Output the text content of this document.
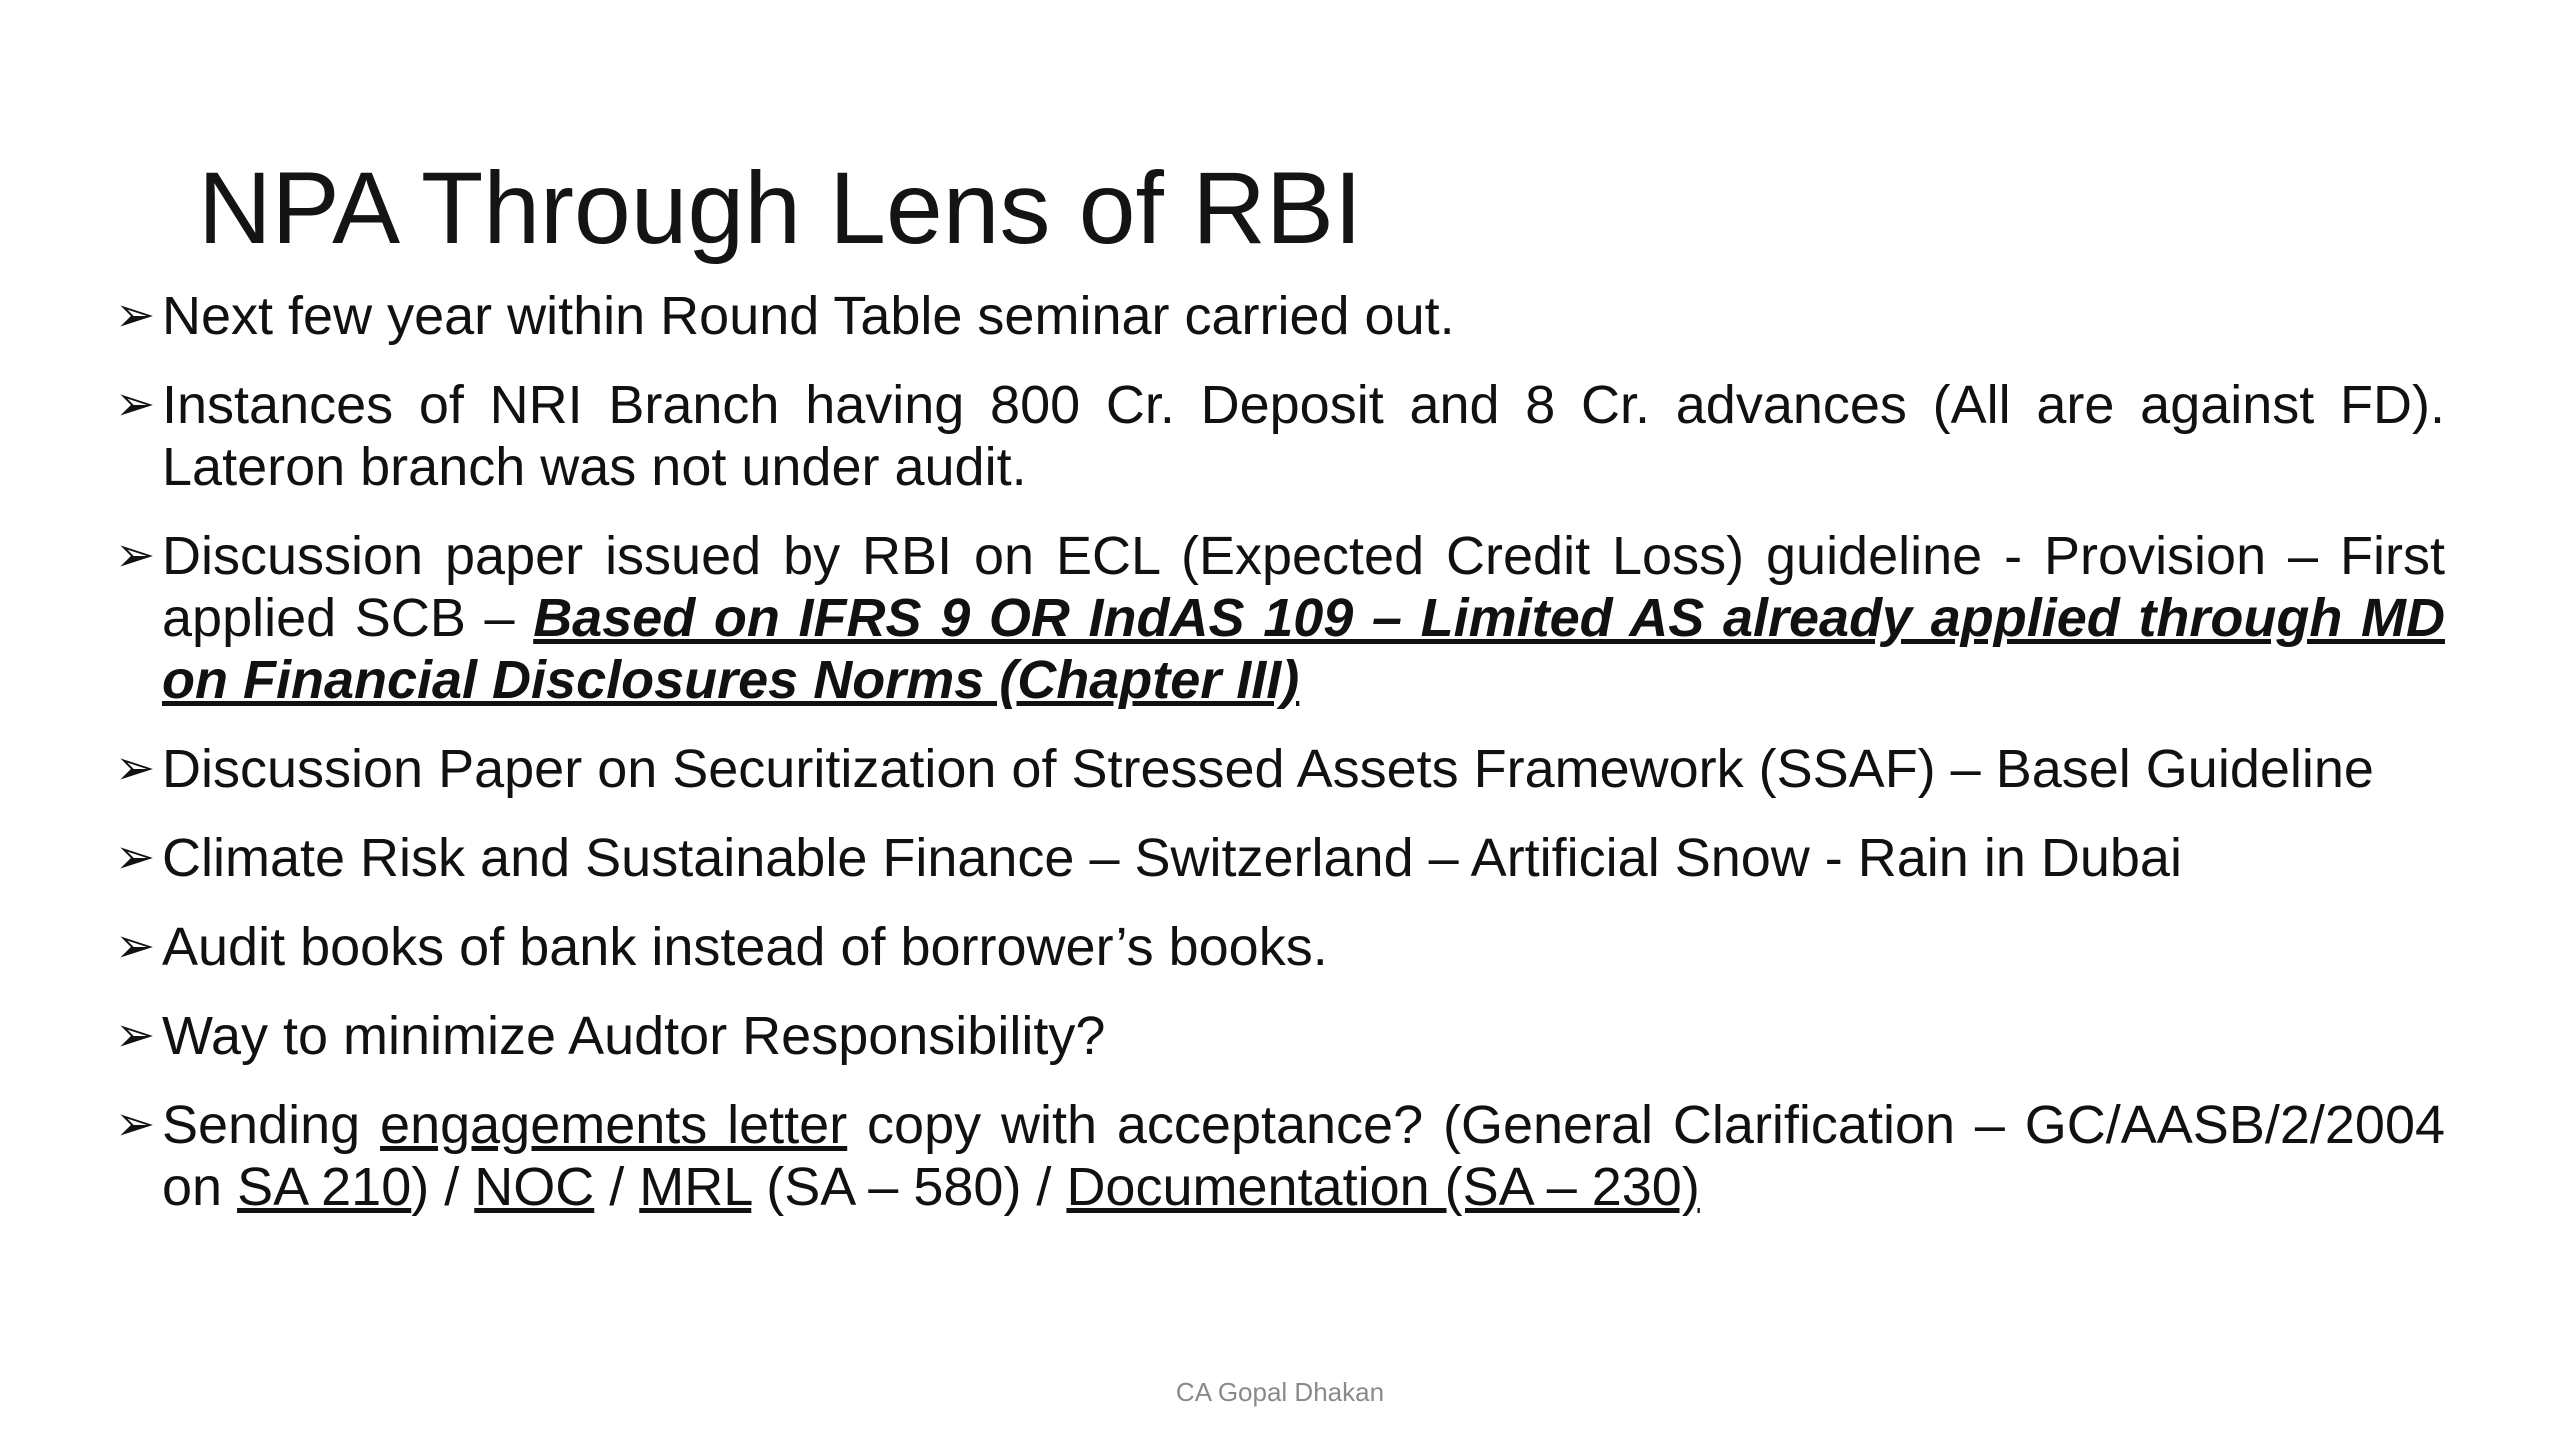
NPA Through Lens of RBI
➢ Next few year within Round Table seminar carried out.
➢ Instances of NRI Branch having 800 Cr. Deposit and 8 Cr. advances (All are against FD). Lateron branch was not under audit.
➢ Discussion paper issued by RBI on ECL (Expected Credit Loss) guideline - Provision – First applied SCB – Based on IFRS 9 OR IndAS 109 – Limited AS already applied through MD on Financial Disclosures Norms (Chapter III)
➢ Discussion Paper on Securitization of Stressed Assets Framework (SSAF) – Basel Guideline
➢ Climate Risk and Sustainable Finance – Switzerland – Artificial Snow - Rain in Dubai
➢ Audit books of bank instead of borrower’s books.
➢ Way to minimize Audtor Responsibility?
➢ Sending engagements letter copy with acceptance? (General Clarification – GC/AASB/2/2004 on SA 210) / NOC / MRL (SA – 580) / Documentation (SA – 230)
CA Gopal Dhakan
